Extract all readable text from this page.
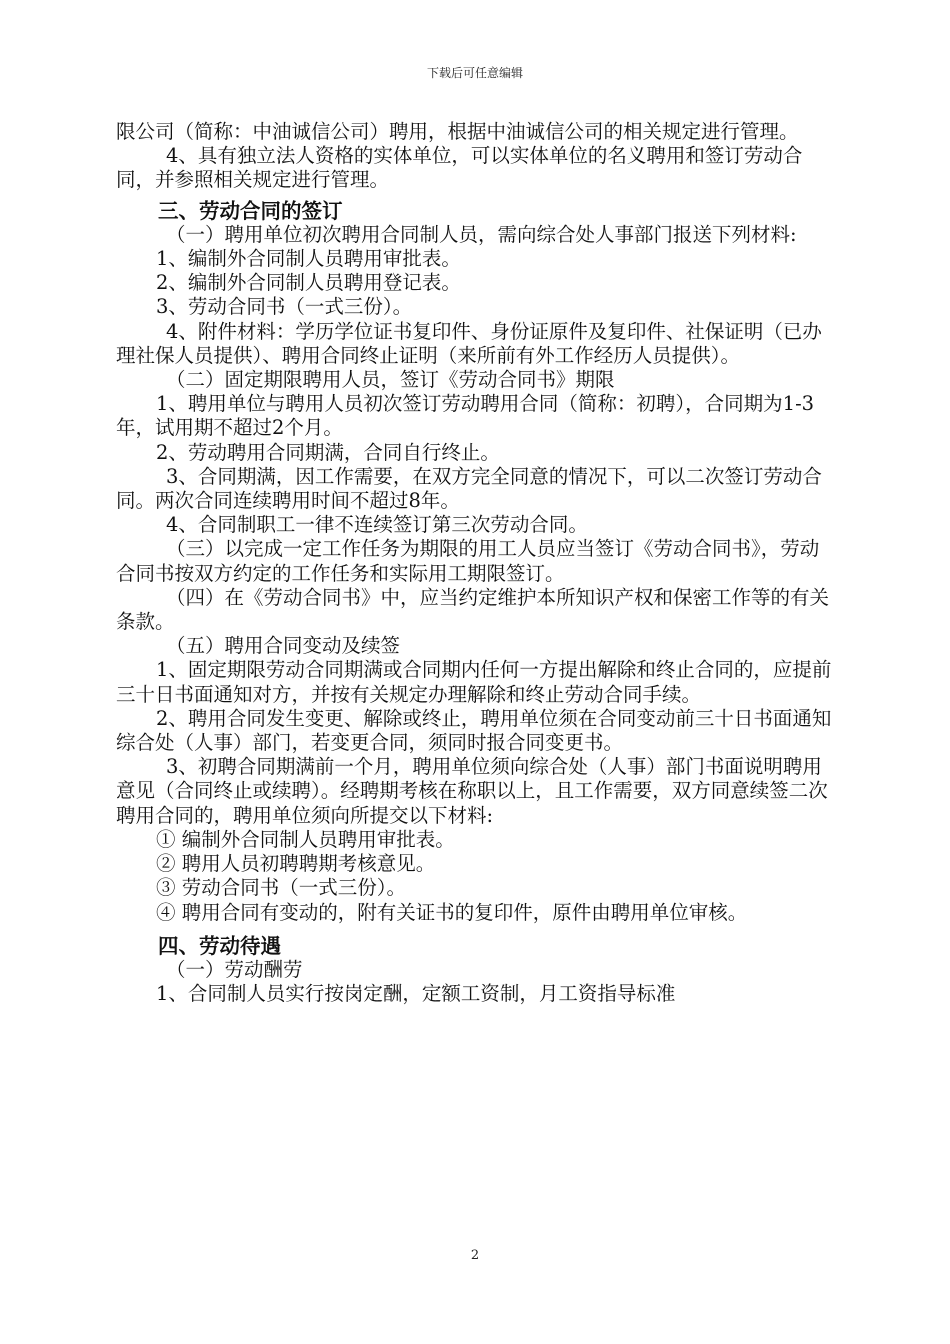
下载后可任意编辑

限公司（简称：中油诚信公司）聘用，根据中油诚信公司的相关规定进行管理。

4、具有独立法人资格的实体单位，可以实体单位的名义聘用和签订劳动合同，并参照相关规定进行管理。

三、劳动合同的签订

（一）聘用单位初次聘用合同制人员，需向综合处人事部门报送下列材料:

1、编制外合同制人员聘用审批表。

2、编制外合同制人员聘用登记表。

3、劳动合同书（一式三份）。

4、附件材料：学历学位证书复印件、身份证原件及复印件、社保证明（已办理社保人员提供）、聘用合同终止证明（来所前有外工作经历人员提供）。

（二）固定期限聘用人员，签订《劳动合同书》期限

1、聘用单位与聘用人员初次签订劳动聘用合同（简称：初聘），合同期为1-3年，试用期不超过2个月。

2、劳动聘用合同期满，合同自行终止。

3、合同期满，因工作需要，在双方完全同意的情况下，可以二次签订劳动合同。两次合同连续聘用时间不超过8年。

4、合同制职工一律不连续签订第三次劳动合同。

（三）以完成一定工作任务为期限的用工人员应当签订《劳动合同书》，劳动合同书按双方约定的工作任务和实际用工期限签订。

（四）在《劳动合同书》中，应当约定维护本所知识产权和保密工作等的有关条款。

（五）聘用合同变动及续签

1、固定期限劳动合同期满或合同期内任何一方提出解除和终止合同的，应提前三十日书面通知对方，并按有关规定办理解除和终止劳动合同手续。

2、聘用合同发生变更、解除或终止，聘用单位须在合同变动前三十日书面通知综合处（人事）部门，若变更合同，须同时报合同变更书。

3、初聘合同期满前一个月，聘用单位须向综合处（人事）部门书面说明聘用意见（合同终止或续聘）。经聘期考核在称职以上，且工作需要，双方同意续签二次聘用合同的，聘用单位须向所提交以下材料:

① 编制外合同制人员聘用审批表。

② 聘用人员初聘聘期考核意见。

③ 劳动合同书（一式三份）。

④ 聘用合同有变动的，附有关证书的复印件，原件由聘用单位审核。

四、劳动待遇

（一）劳动酬劳

1、合同制人员实行按岗定酬，定额工资制，月工资指导标准

2
